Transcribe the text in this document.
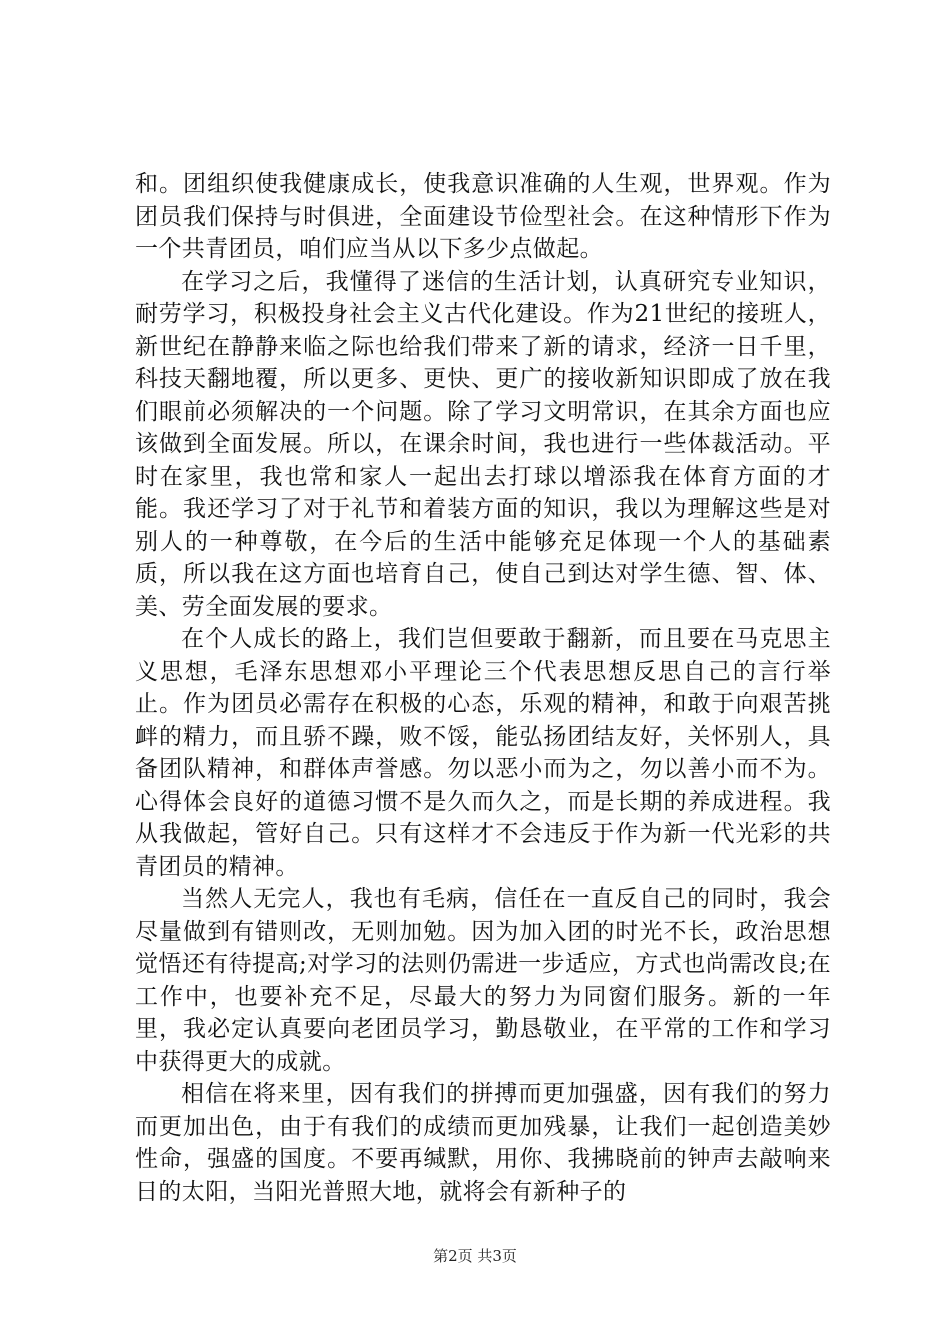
和。团组织使我健康成长，使我意识准确的人生观，世界观。作为团员我们保持与时俱进，全面建设节俭型社会。在这种情形下作为一个共青团员，咱们应当从以下多少点做起。

在学习之后，我懂得了迷信的生活计划，认真研究专业知识，耐劳学习，积极投身社会主义古代化建设。作为21世纪的接班人，新世纪在静静来临之际也给我们带来了新的请求，经济一日千里，科技天翻地覆，所以更多、更快、更广的接收新知识即成了放在我们眼前必须解决的一个问题。除了学习文明常识，在其余方面也应该做到全面发展。所以，在课余时间，我也进行一些体裁活动。平时在家里，我也常和家人一起出去打球以增添我在体育方面的才能。我还学习了对于礼节和着装方面的知识，我以为理解这些是对别人的一种尊敬，在今后的生活中能够充足体现一个人的基础素质，所以我在这方面也培育自己，使自己到达对学生德、智、体、美、劳全面发展的要求。

在个人成长的路上，我们岂但要敢于翻新，而且要在马克思主义思想，毛泽东思想邓小平理论三个代表思想反思自己的言行举止。作为团员必需存在积极的心态，乐观的精神，和敢于向艰苦挑衅的精力，而且骄不躁，败不馁，能弘扬团结友好，关怀别人，具备团队精神，和群体声誉感。勿以恶小而为之，勿以善小而不为。心得体会良好的道德习惯不是久而久之，而是长期的养成进程。我从我做起，管好自己。只有这样才不会违反于作为新一代光彩的共青团员的精神。

当然人无完人，我也有毛病，信任在一直反自己的同时，我会尽量做到有错则改，无则加勉。因为加入团的时光不长，政治思想觉悟还有待提高;对学习的法则仍需进一步适应，方式也尚需改良;在工作中，也要补充不足，尽最大的努力为同窗们服务。新的一年里，我必定认真要向老团员学习，勤恳敬业，在平常的工作和学习中获得更大的成就。

相信在将来里，因有我们的拼搏而更加强盛，因有我们的努力而更加出色，由于有我们的成绩而更加残暴，让我们一起创造美妙性命，强盛的国度。不要再缄默，用你、我拂晓前的钟声去敲响来日的太阳，当阳光普照大地，就将会有新种子的

第2页 共3页
